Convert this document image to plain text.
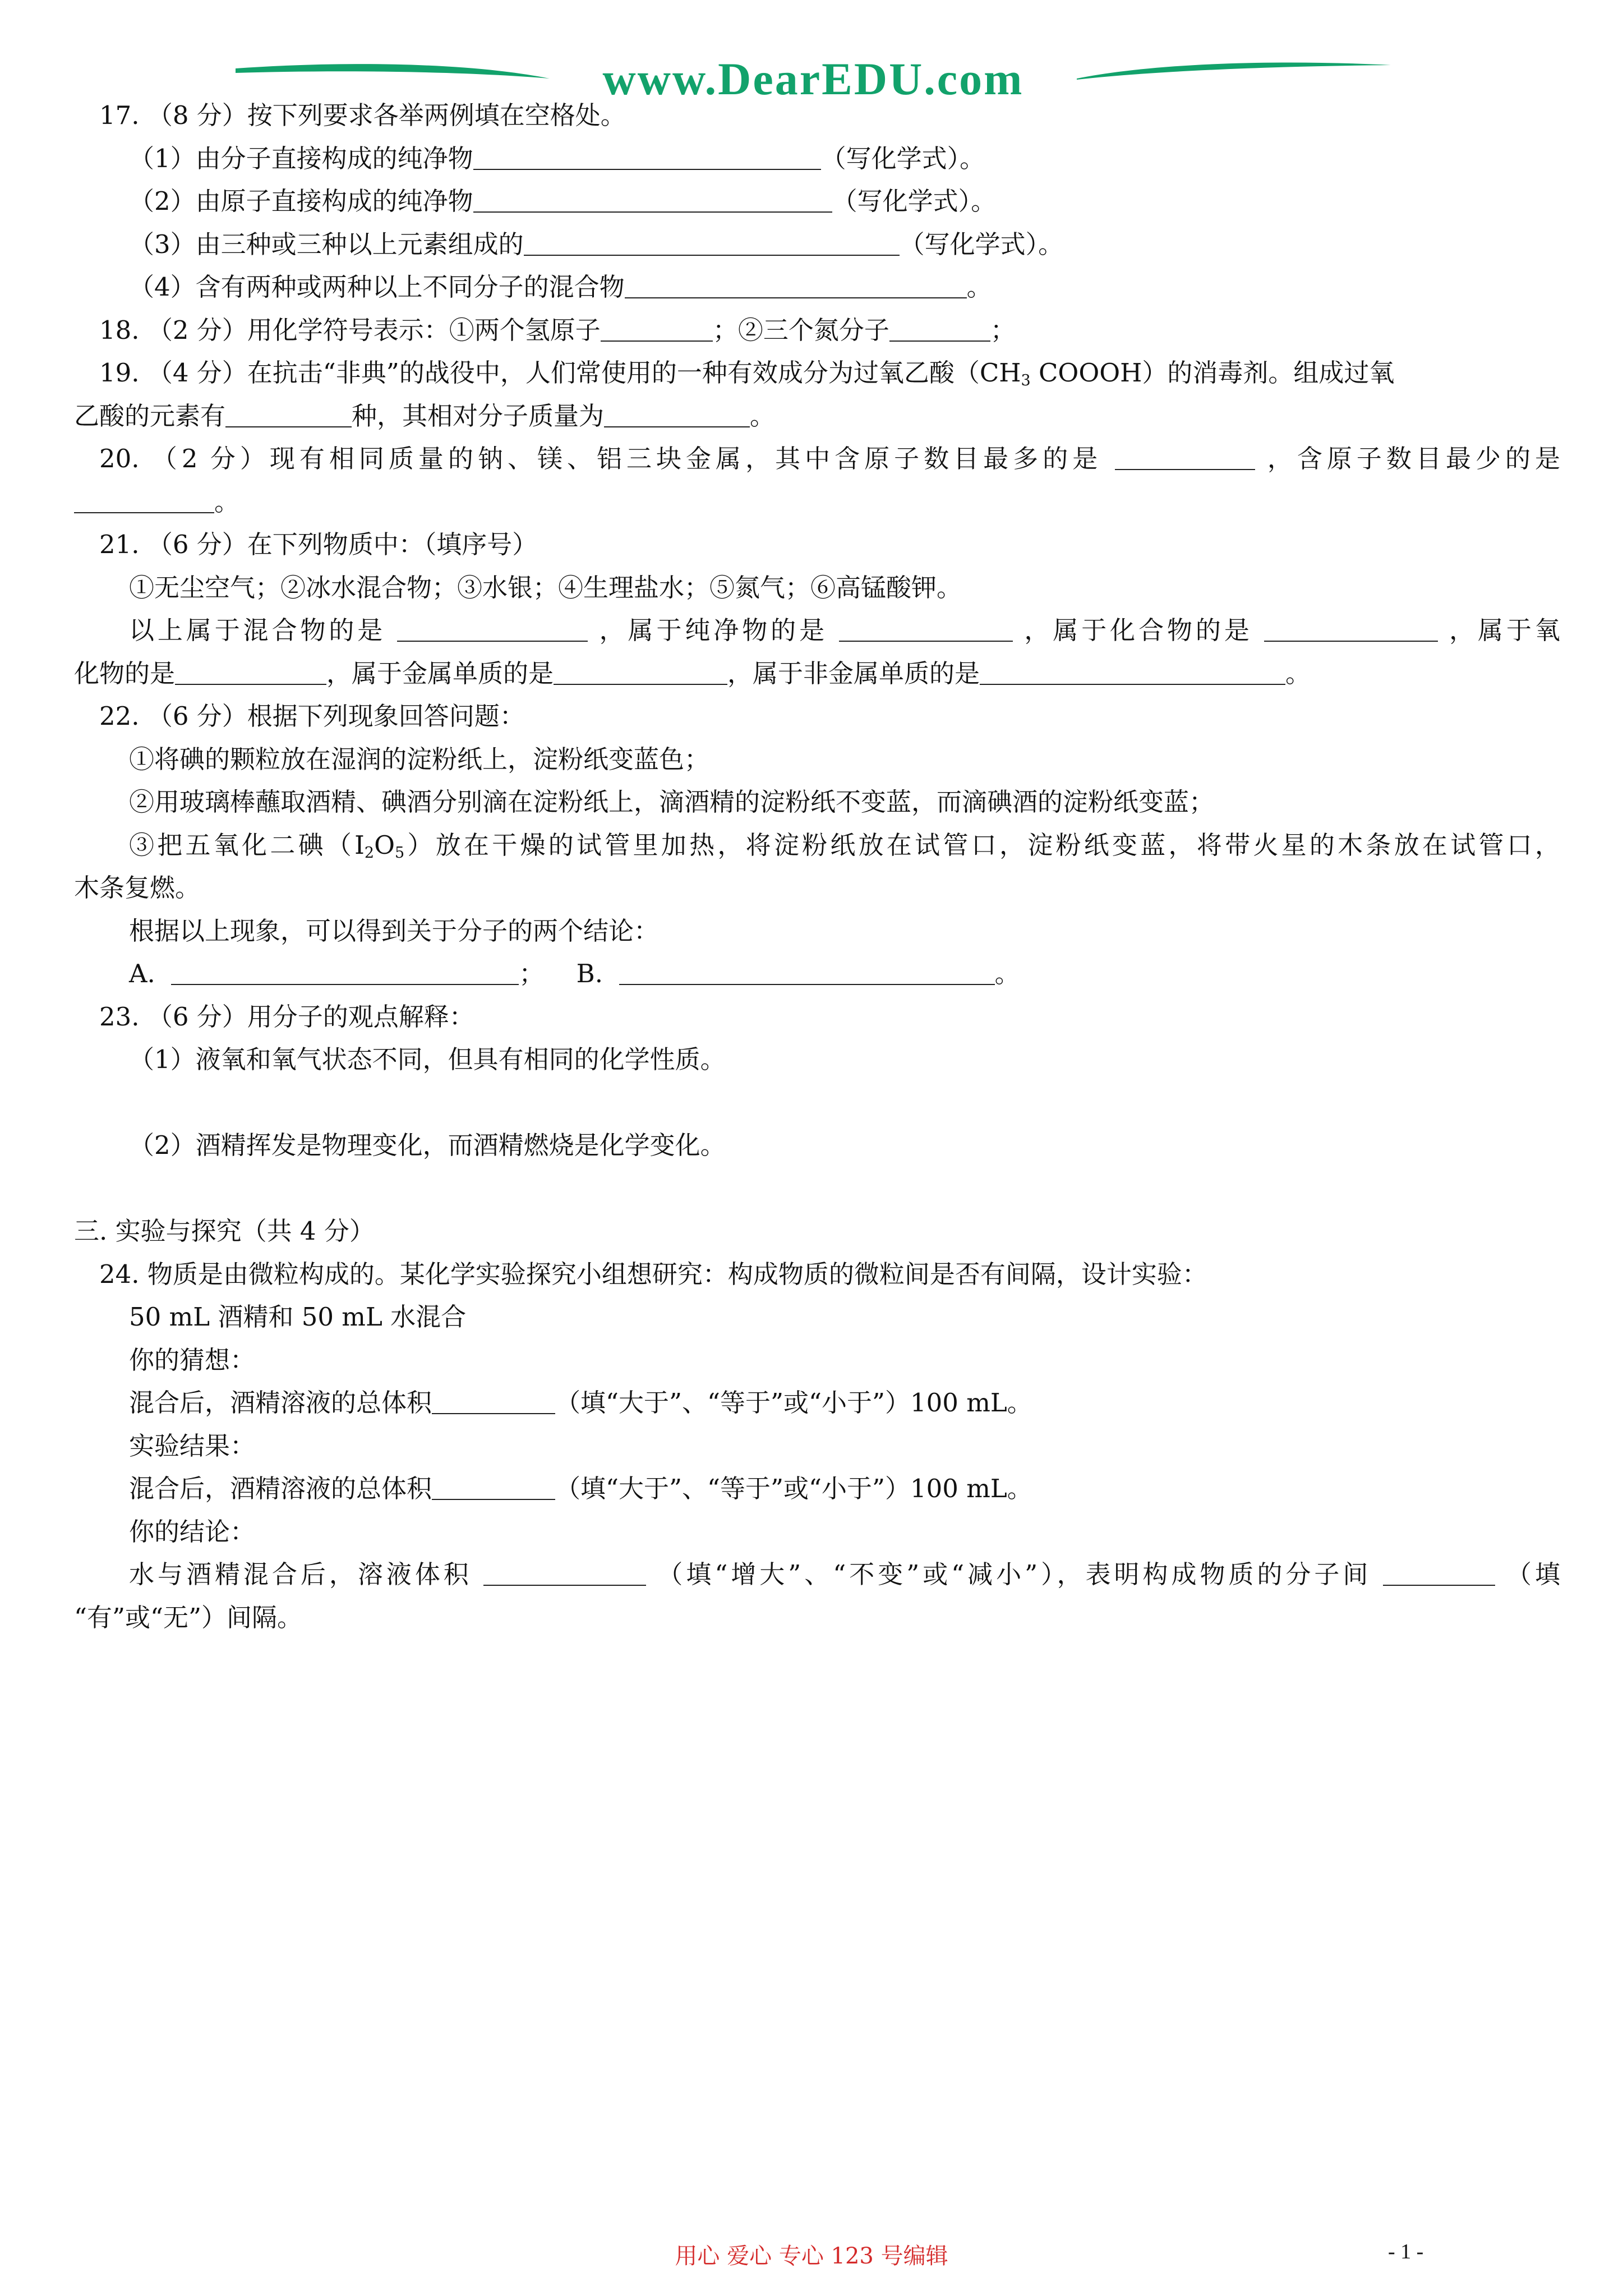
www.DearEDU.com
17. （8 分）按下列要求各举两例填在空格处。
（1）由分子直接构成的纯净物	（写化学式）。
（2）由原子直接构成的纯净物	（写化学式）。
（3）由三种或三种以上元素组成的	（写化学式）。
（4）含有两种或两种以上不同分子的混合物	。
18. （2 分）用化学符号表示：①两个氢原子	；②三个氮分子	；
19. （4 分）在抗击“非典”的战役中，人们常使用的一种有效成分为过氧乙酸（$CH_3$ COOOH）的消毒剂。组成过氧
乙酸的元素有	种，其相对分子质量为	。
20. （2 分）现有相同质量的钠、镁、铝三块金属，其中含原子数目最多的是	，含原子数目最少的是
。
21. （6 分）在下列物质中：（填序号）
①无尘空气；②冰水混合物；③水银；④生理盐水；⑤氮气；⑥高锰酸钾。
以上属于混合物的是	，属于纯净物的是	，属于化合物的是	，属于氧
化物的是	，属于金属单质的是	，属于非金属单质的是	。
22. （6 分）根据下列现象回答问题：
①将碘的颗粒放在湿润的淀粉纸上，淀粉纸变蓝色；
②用玻璃棒蘸取酒精、碘酒分别滴在淀粉纸上，滴酒精的淀粉纸不变蓝，而滴碘酒的淀粉纸变蓝；
③把五氧化二碘$(I_2O_5)$放在干燥的试管里加热，将淀粉纸放在试管口，淀粉纸变蓝，将带火星的木条放在试管口，
木条复燃。
根据以上现象，可以得到关于分子的两个结论：
A.	； B.	。
23. （6 分）用分子的观点解释：
（1）液氧和氧气状态不同，但具有相同的化学性质。
（2）酒精挥发是物理变化，而酒精燃烧是化学变化。
三. 实验与探究（共 4 分）
24. 物质是由微粒构成的。某化学实验探究小组想研究：构成物质的微粒间是否有间隔，设计实验：
50 mL 酒精和 50 mL 水混合
你的猜想：
混合后，酒精溶液的总体积	（填“大于”、“等于”或“小于”）100 mL。
实验结果：
混合后，酒精溶液的总体积	（填“大于”、“等于”或“小于”）100 mL。
你的结论：
水与酒精混合后，溶液体积	（填“增大”、“不变”或“减小”），表明构成物质的分子间	（填
“有”或“无”）间隔。
用心 爱心 专心 123 号编辑	- 1 -
